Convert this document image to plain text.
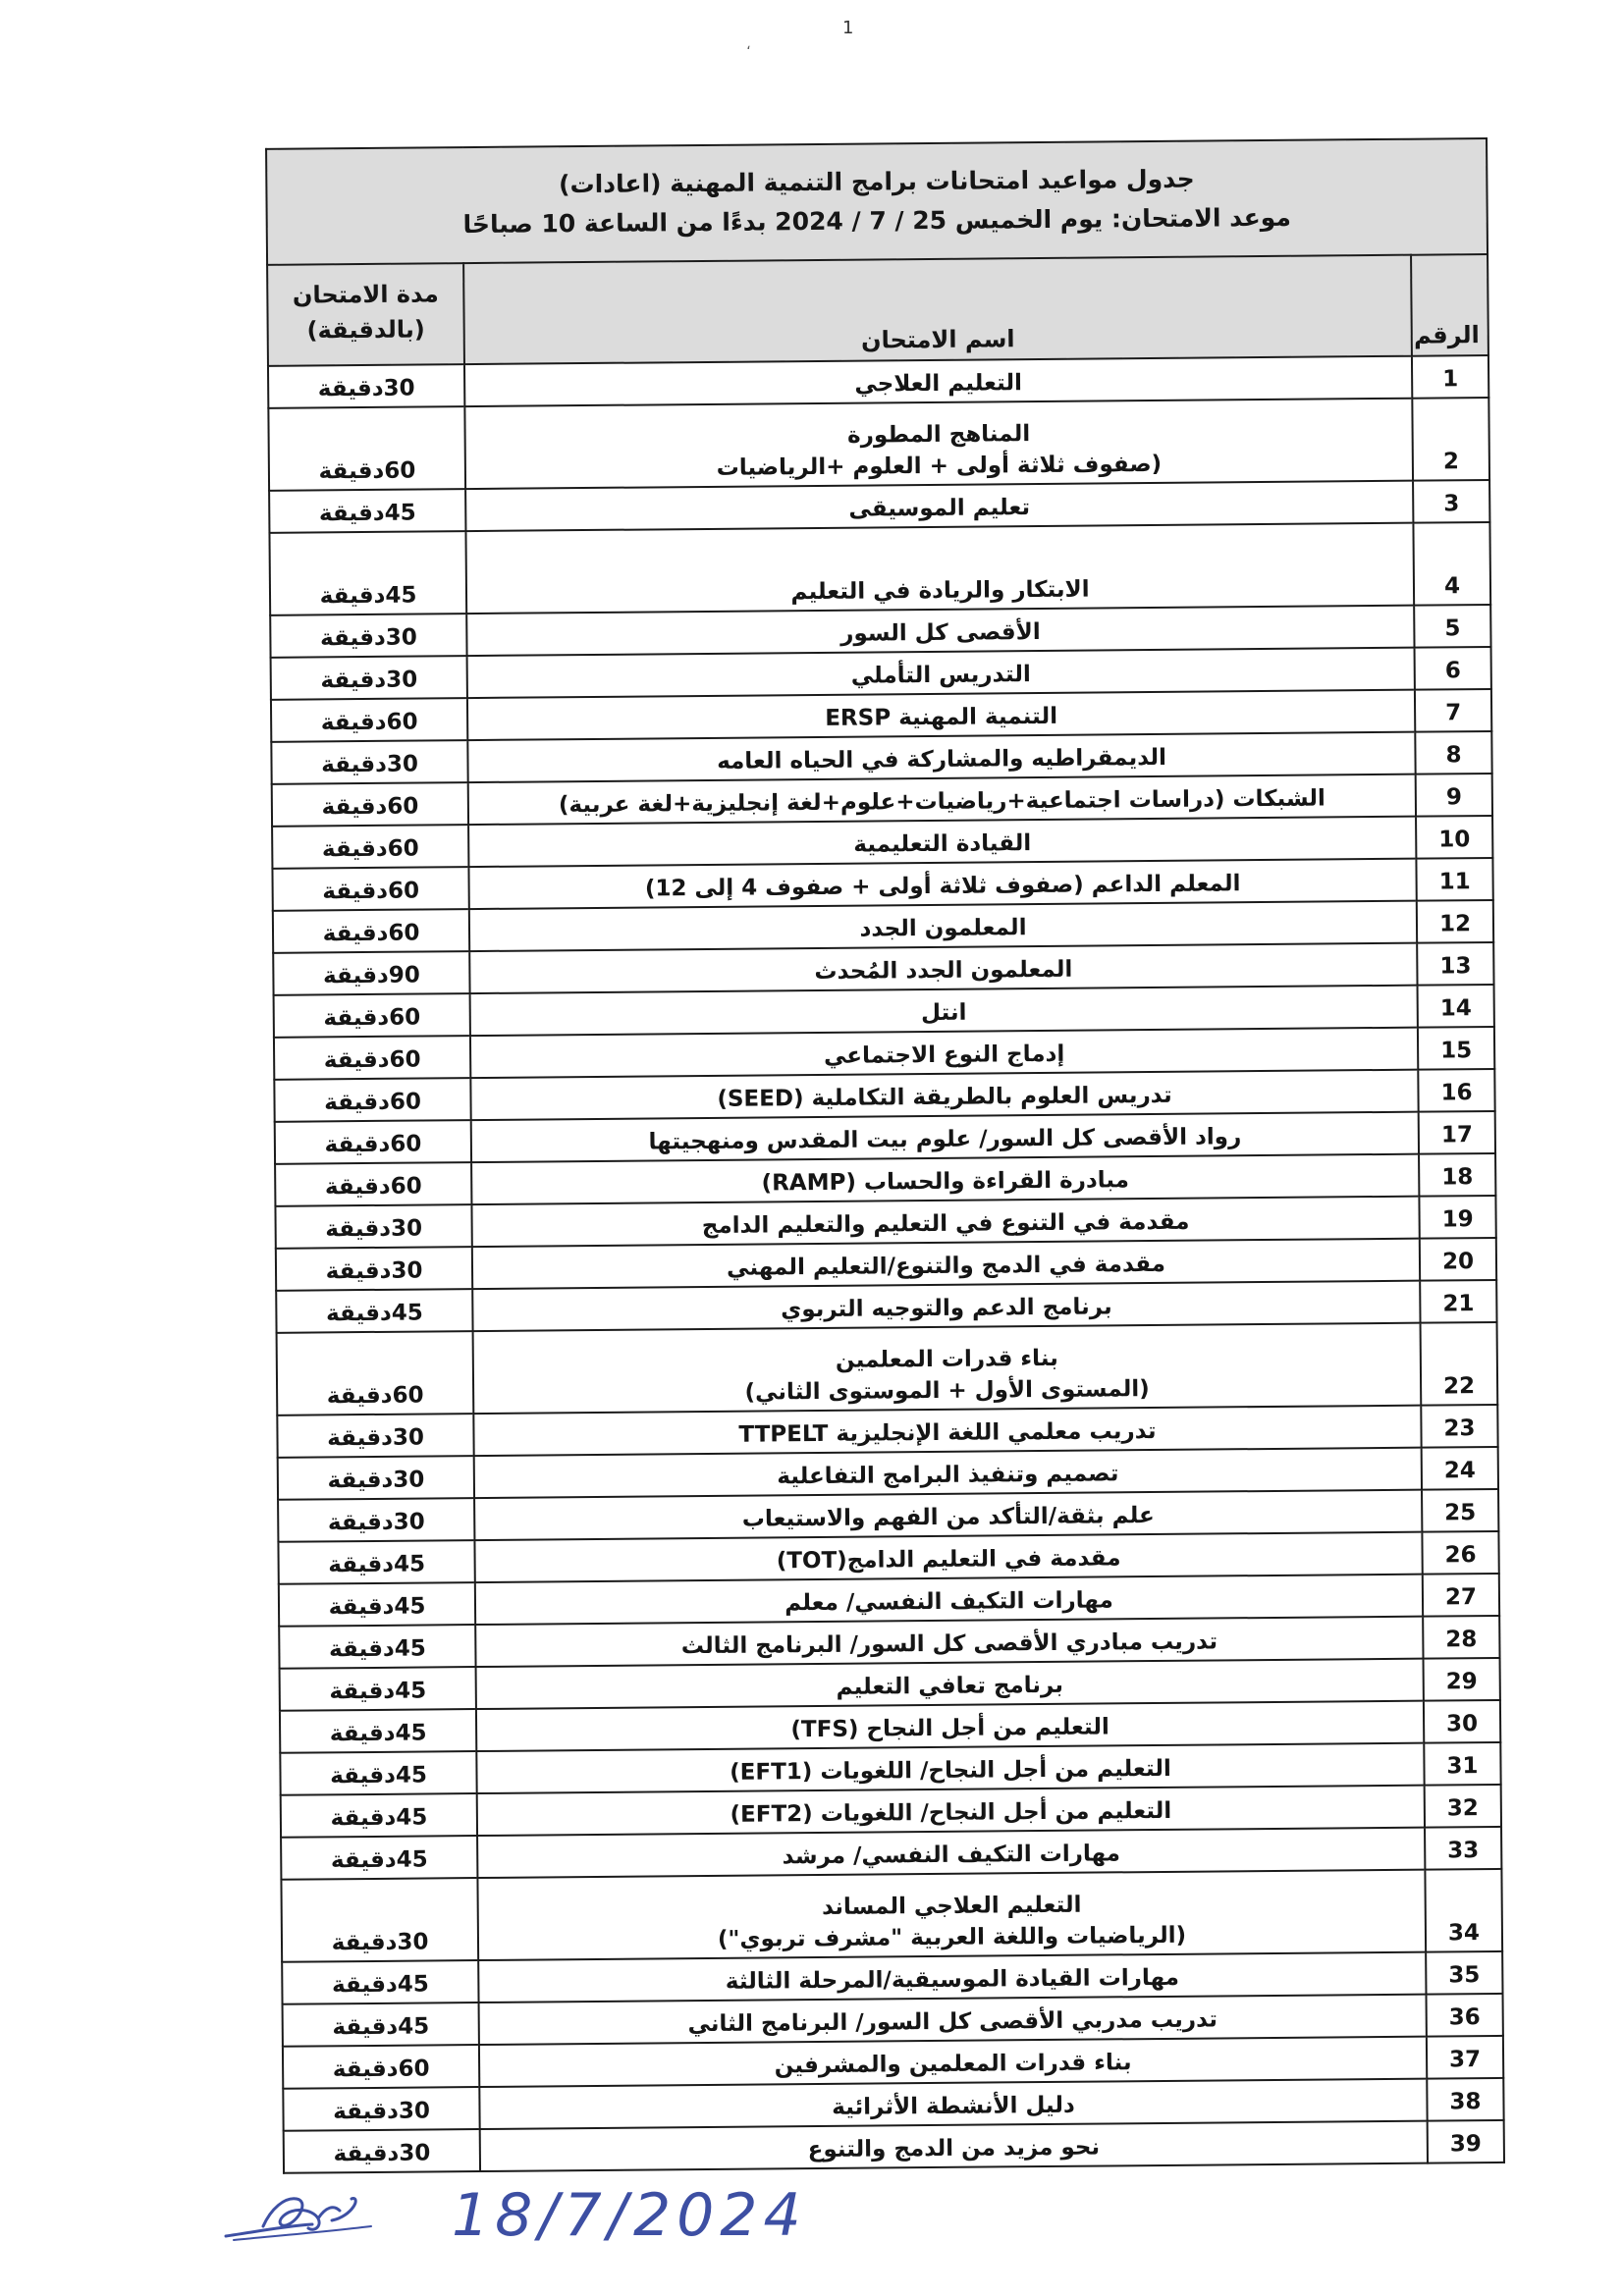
1
،
جدول مواعيد امتحانات برامج التنمية المهنية (اعادات)
موعد الامتحان: يوم الخميس 25 / 7 / 2024 بدءًا من الساعة 10 صباحًا		

الرقم	اسم الامتحان	مدة الامتحان (بالدقيقة)
1	التعليم العلاجي	30دقيقة
2	المناهج المطورة
(صفوف ثلاثة أولى + العلوم +الرياضيات	60دقيقة
3	تعليم الموسيقى	45دقيقة
4	الابتكار والريادة في التعليم	45دقيقة
5	الأقصى كل السور	30دقيقة
6	التدريس التأملي	30دقيقة
7	التنمية المهنية ERSP	60دقيقة
8	الديمقراطيه والمشاركة في الحياه العامه	30دقيقة
9	الشبكات (دراسات اجتماعية+رياضيات+علوم+لغة إنجليزية+لغة عربية)	60دقيقة
10	القيادة التعليمية	60دقيقة
11	المعلم الداعم (صفوف ثلاثة أولى + صفوف 4 إلى 12)	60دقيقة
12	المعلمون الجدد	60دقيقة
13	المعلمون الجدد المُحدث	90دقيقة
14	انتل	60دقيقة
15	إدماج النوع الاجتماعي	60دقيقة
16	تدريس العلوم بالطريقة التكاملية (SEED)	60دقيقة
17	رواد الأقصى كل السور/ علوم بيت المقدس ومنهجيتها	60دقيقة
18	مبادرة القراءة والحساب (RAMP)	60دقيقة
19	مقدمة في التنوع في التعليم والتعليم الدامج	30دقيقة
20	مقدمة في الدمج والتنوع/التعليم المهني	30دقيقة
21	برنامج الدعم والتوجيه التربوي	45دقيقة
22	بناء قدرات المعلمين
(المستوى الأول + الموستوى الثاني)	60دقيقة
23	تدريب معلمي اللغة الإنجليزية TTPELT	30دقيقة
24	تصميم وتنفيذ البرامج التفاعلية	30دقيقة
25	علم بثقة/التأكد من الفهم والاستيعاب	30دقيقة
26	مقدمة في التعليم الدامج(TOT)	45دقيقة
27	مهارات التكيف النفسي/ معلم	45دقيقة
28	تدريب مبادري الأقصى كل السور/ البرنامج الثالث	45دقيقة
29	برنامج تعافي التعليم	45دقيقة
30	التعليم من أجل النجاح (TFS)	45دقيقة
31	التعليم من أجل النجاح/ اللغويات (EFT1)	45دقيقة
32	التعليم من أجل النجاح/ اللغويات (EFT2)	45دقيقة
33	مهارات التكيف النفسي/ مرشد	45دقيقة
34	التعليم العلاجي المساند
(الرياضيات واللغة العربية "مشرف تربوي")	30دقيقة
35	مهارات القيادة الموسيقية/المرحلة الثالثة	45دقيقة
36	تدريب مدربي الأقصى كل السور/ البرنامج الثاني	45دقيقة
37	بناء قدرات المعلمين والمشرفين	60دقيقة
38	دليل الأنشطة الأثرائية	30دقيقة
39	نحو مزيد من الدمج والتنوع	30دقيقة
18/7/2024
